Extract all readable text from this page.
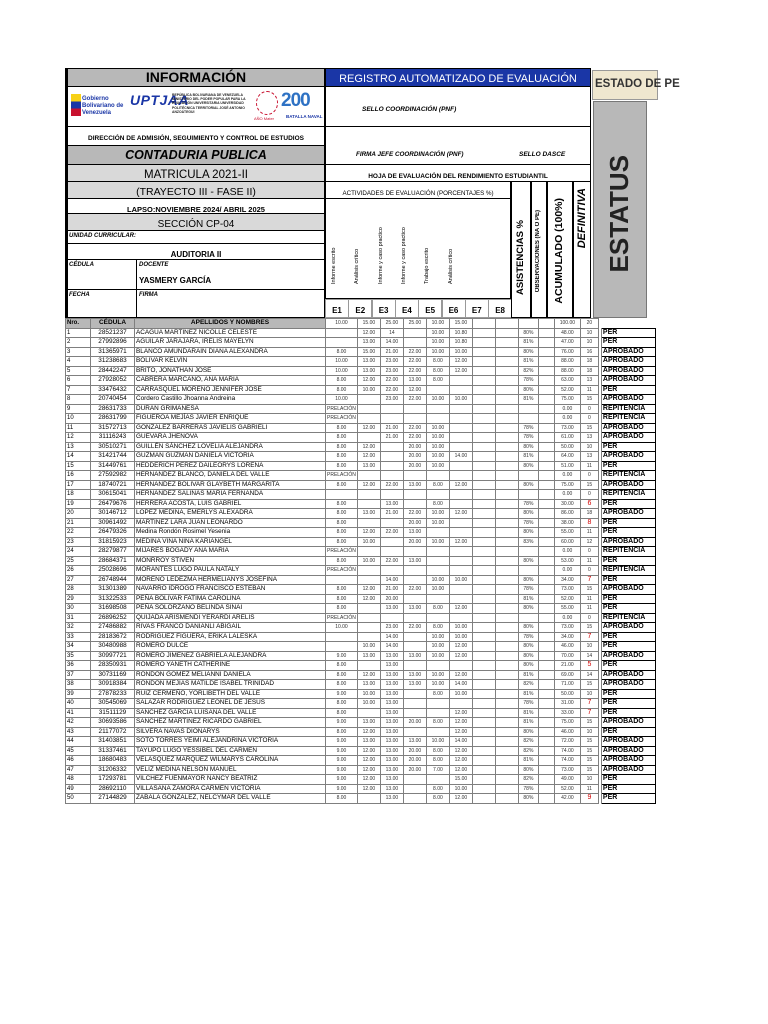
INFORMACIÓN	REGISTRO AUTOMATIZADO DE EVALUACIÓN	ESTADO DE PE
Gobierno Bolivariano de Venezuela
UPTJAA
REPÚBLICA BOLIVARIANA DE VENEZUELA MINISTERIO DEL PODER POPULAR PARA LA EDUCACIÓN UNIVERSITARIA UNIVERSIDAD POLITÉCNICA TERRITORIAL JOSÉ ANTONIO ANZOÁTEGUI
AÑO Mater
200
BATALLA NAVAL
SELLO COORDINACIÓN (PNF)
DIRECCIÓN DE ADMISIÓN, SEGUIMIENTO Y CONTROL DE ESTUDIOS
CONTADURIA PUBLICA	FIRMA JEFE COORDINACIÓN (PNF)	SELLO DASCE
MATRICULA 2021-II	HOJA DE EVALUACIÓN DEL RENDIMIENTO ESTUDIANTIL
(TRAYECTO III - FASE II)	ACTIVIDADES DE EVALUACIÓN (PORCENTAJES %)
LAPSO:NOVIEMBRE 2024/ ABRIL 2025
SECCIÓN CP-04
UNIDAD CURRICULAR:
AUDITORIA II
CÉDULA	DOCENTE
YASMERY GARCÍA
FECHA	FIRMA
Informe escrito	Análisis crítico	Informe y caso practico	Informe y caso practico	Trabajo escrito	Análisis crítico
E1	E2	E3	E4	E5	E6	E7	E8
ASISTENCIAS % OBSERVACIONES (NA O PE) ACUMULADO (100%) DEFINITIVA ESTATUS
Nro.	CÉDULA	APELLIDOS Y NOMBRES	10.00	15.00	25.00	25.00	10.00	15.00					100.00	20		
1	28521237	ACAGUA MARTINEZ NICOLLE CELESTE		12.00	14		10.00	10.80			80%		48.00	10		PER
2	27992896	AGUILAR JARAJARA, IRELIS MAYELYN		13.00	14.00		10.00	10.80			81%		47.00	10		PER
3	31365971	BLANCO AMUNDARAIN DIANA ALEXANDRA	8.00	15.00	21.00	22.00	10.00	10.00			80%		76.00	16		APROBADO
4	31238683	BOLIVAR KELVIN	10.00	13.00	23.00	22.00	8.00	12.00			81%		88.00	18		APROBADO
5	28442247	BRITO, JONATHAN JOSE	10.00	13.00	23.00	22.00	8.00	12.00			82%		88.00	18		APROBADO
6	27928052	CABRERA MARCANO, ANA MARIA	8.00	12.00	22.00	13.00	8.00				78%		63.00	13		APROBADO
7	33476432	CARRASQUEL MORENO JENNIFER JOSE	8.00	10.00	22.00	12.00					80%		52.00	11		PER
8	20740454	Cordero Castillo Jhoanna Andreina	10.00		23.00	22.00	10.00	10.00			81%		75.00	15		APROBADO
9	28631733	DURAN GRIMANESA	PRELACIÓN										0.00	0		REPITENCIA
10	28631799	FIGUEROA MEJÍAS JAVIER ENRIQUE	PRELACIÓN										0.00	0		REPITENCIA
11	31572713	GONZALEZ BARRERAS JAVIELIS GABRIELI	8.00	12.00	21.00	22.00	10.00				78%		73.00	15		APROBADO
12	31116243	GUEVARA JHENOVA	8.00		21.00	22.00	10.00				78%		61.00	13		APROBADO
13	30510271	GUILLÉN SÁNCHEZ LOVELIA ALEJANDRA	8.00	12.00		20.00	10.00				80%		50.00	10		PER
14	31421744	GUZMAN GUZMAN DANIELA VICTORIA	8.00	12.00		20.00	10.00	14.00			81%		64.00	13		APROBADO
15	31449761	HEDDERICH PEREZ DAILEORYS LORENA	8.00	13.00		20.00	10.00				80%		51.00	11		PER
16	27592982	HERNANDEZ BLANCO, DANIELA DEL VALLE	PRELACIÓN										0.00	0		REPITENCIA
17	18740721	HERNANDEZ BOLIVAR GLAYBETH MARGARITA	8.00	12.00	22.00	13.00	8.00	12.00			80%		75.00	15		APROBADO
18	30615041	HERNANDEZ SALINAS MARIA FERNANDA											0.00	0		REPITENCIA
19	26479676	HERRERA ACOSTA, LUIS GABRIEL	8.00		13.00		8.00				78%		30.00	6		PER
20	30146712	LOPEZ MEDINA, EMERLYS ALEXADRA	8.00	13.00	21.00	22.00	10.00	12.00			80%		86.00	18		APROBADO
21	30961492	MARTINEZ LARA JUAN LEONARDO	8.00			20.00	10.00				78%		38.00	8		PER
22	26479326	Medina Rondón Rosimel Yesenia	8.00	12.00	22.00	13.00					80%		55.00	11		PER
23	31815923	MEDINA VINA NINA KARIANGEL	8.00	10.00		20.00	10.00	12.00			83%		60.00	12		APROBADO
24	28279877	MIJARES BOGADY ANA MARIA	PRELACIÓN										0.00	0		REPITENCIA
25	28684371	MONRROY STIVEN	8.00	10.00	22.00	13.00					80%		53.00	11		PER
26	25028696	MORANTES LUGO PAULA NATALY	PRELACIÓN										0.00	0		REPITENCIA
27	26748944	MORENO LEDEZMA HERMELIANYS JOSEFINA			14.00		10.00	10.00			80%		34.00	7		PER
28	31301389	NAVARRO IDROGO FRANCISCO ESTEBAN	8.00	12.00	21.00	22.00	10.00				78%		73.00	15		APROBADO
29	31322533	PEÑA BOLIVAR FATIMA CAROLINA	8.00	12.00	20.00						81%		52.00	11		PER
30	31698508	PEÑA SOLORZANO BELINDA SINAI	8.00		13.00	13.00	8.00	12.00			80%		55.00	11		PER
31	26896252	QUIJADA ARISMENDI YERARDI ARELIS	PRELACIÓN										0.00	0		REPITENCIA
32	27486882	RIVAS FRANCO DANIANLI ABIGAIL	10.00		23.00	22.00	8.00	10.00			80%		73.00	15		APROBADO
33	28183672	RODRIGUEZ FIGUERA, ERIKA LALESKA			14.00		10.00	10.00			78%		34.00	7		PER
34	30480988	ROMERO DULCE		10.00	14.00		10.00	12.00			80%		46.00	10		PER
35	30997721	ROMERO JIMENEZ GABRIELA ALEJANDRA	9.00	13.00	13.00	13.00	10.00	12.00			80%		70.00	14		APROBADO
36	28350931	ROMERO YANETH CATHERINE	8.00		13.00						80%		21.00	5		PER
37	30731169	RONDON GOMEZ MELIANNI DANIELA	8.00	12.00	13.00	13.00	10.00	12.00			81%		69.00	14		APROBADO
38	30918384	RONDON MEJIAS MATILDE ISABEL TRINIDAD	8.00	13.00	13.00	13.00	10.00	14.00			82%		71.00	15		APROBADO
39	27878233	RUIZ CERMEÑO, YORLIBETH DEL VALLE	9.00	10.00	13.00		8.00	10.00			81%		50.00	10		PER
40	30545069	SALAZAR RODRIGUEZ LEONEL DE JESUS	8.00	10.00	13.00						78%		31.00	7		PER
41	31511129	SANCHEZ GARCIA LUISANA DEL VALLE	8.00		13.00			12.00			81%		33.00	7		PER
42	30693586	SANCHEZ MARTINEZ RICARDO GABRIEL	9.00	13.00	13.00	20.00	8.00	12.00			81%		75.00	15		APROBADO
43	21177072	SILVERA NAVAS DIONARYS	8.00	12.00	13.00			12.00			80%		46.00	10		PER
44	31403851	SOTO TORRES YEIMI ALEJANDRINA VICTORIA	9.00	13.00	13.00	13.00	10.00	14.00			82%		72.00	15		APROBADO
45	31337461	TAYUPO LUGO YESSIBEL DEL CARMEN	9.00	12.00	13.00	20.00	8.00	12.00			82%		74.00	15		APROBADO
46	18680483	VELASQUEZ MARQUEZ WILMARYS CAROLINA	9.00	12.00	13.00	20.00	8.00	12.00			81%		74.00	15		APROBADO
47	31206332	VELIZ MEDINA NELSON MANUEL	9.00	12.00	13.00	20.00	7.00	12.00			80%		73.00	15		APROBADO
48	17293781	VILCHEZ FUENMAYOR NANCY BEATRIZ	9.00	12.00	13.00			15.00			82%		49.00	10		PER
49	28692110	VILLASANA ZAMORA CARMEN VICTORIA	9.00	12.00	13.00		8.00	10.00			78%		52.00	11		PER
50	27144829	ZABALA GONZALEZ, NELCYMAR DEL VALLE	8.00		13.00		8.00	12.00			80%		42.00	9		PER
